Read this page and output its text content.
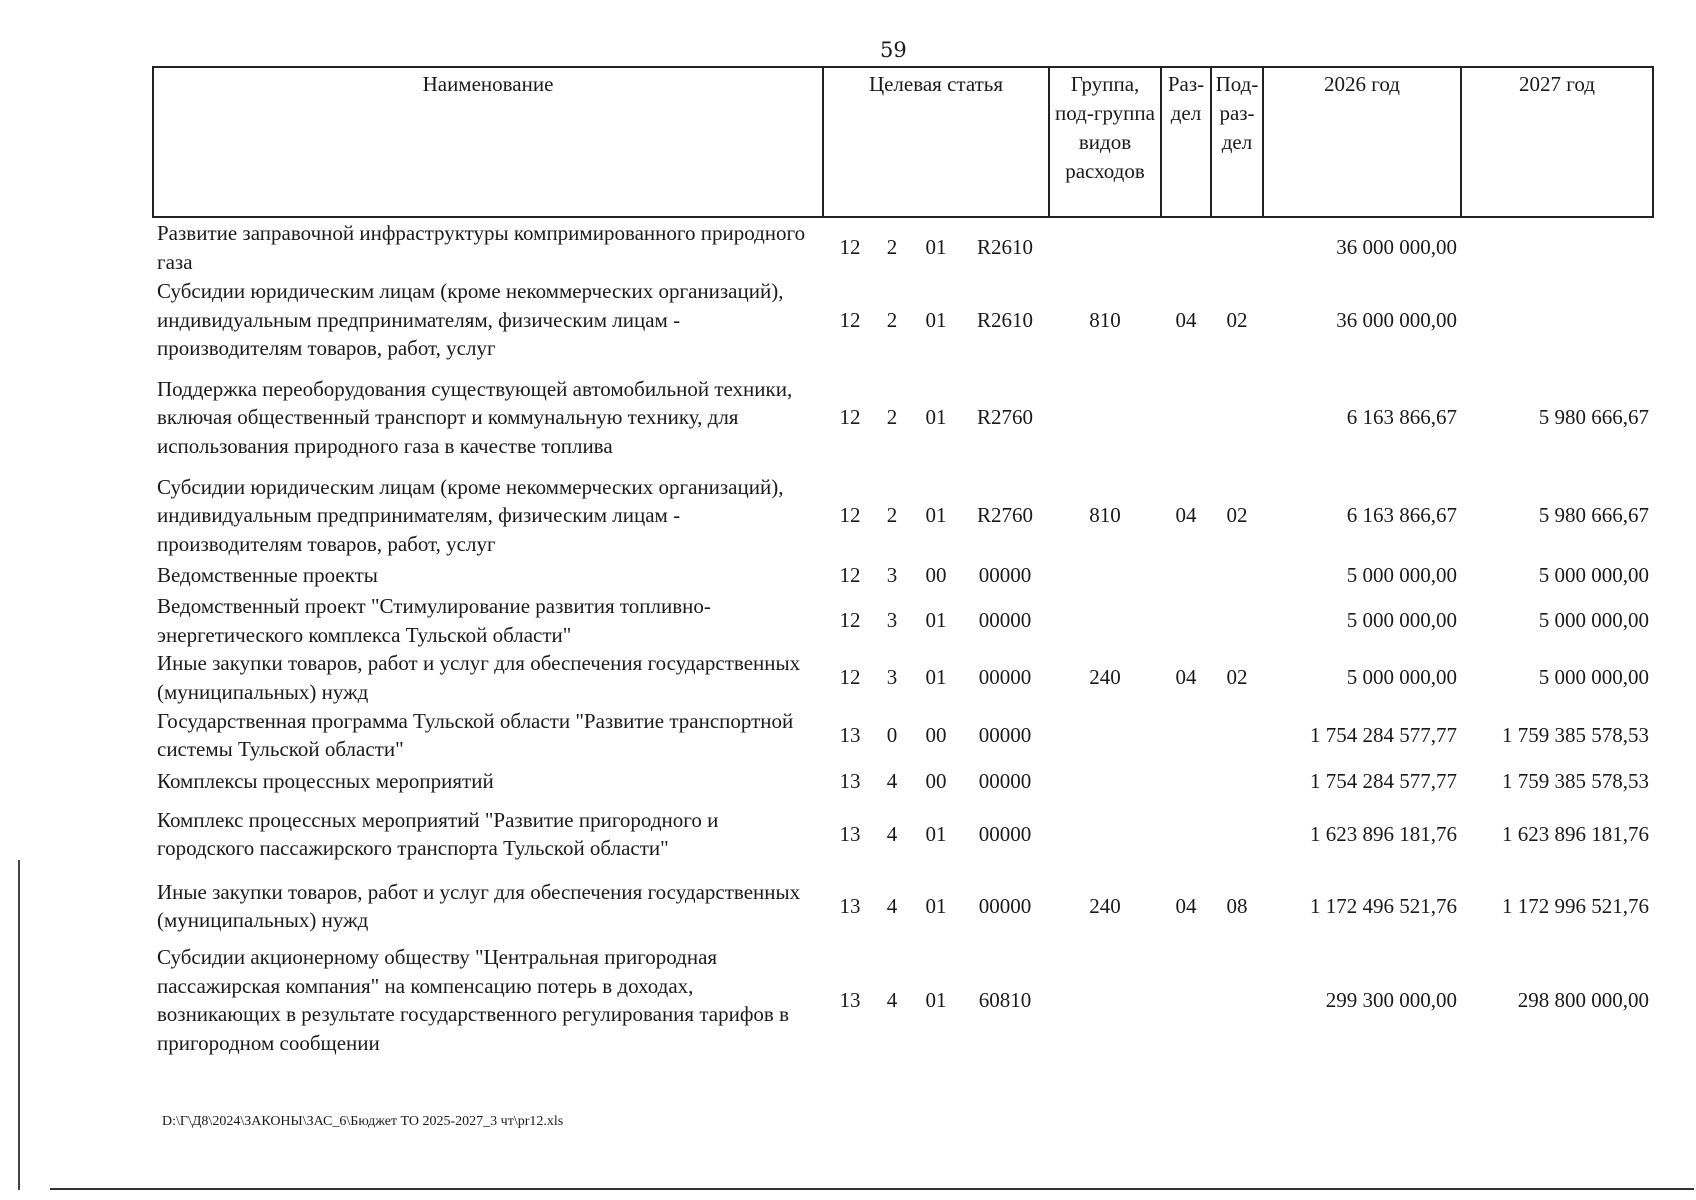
59
Наименование	Целевая статья	Группа, под-группа видов расходов	Раз-дел	Под-раз-дел	2026 год	2027 год
Развитие заправочной инфраструктуры компримированного природного газа	12 2 01 R2610				36 000 000,00	
Субсидии юридическим лицам (кроме некоммерческих организаций), индивидуальным предпринимателям, физическим лицам - производителям товаров, работ, услуг	12 2 01 R2610	810	04	02	36 000 000,00	
Поддержка переоборудования существующей автомобильной техники, включая общественный транспорт и коммунальную технику, для использования природного газа в качестве топлива	12 2 01 R2760				6 163 866,67	5 980 666,67
Субсидии юридическим лицам (кроме некоммерческих организаций), индивидуальным предпринимателям, физическим лицам - производителям товаров, работ, услуг	12 2 01 R2760	810	04	02	6 163 866,67	5 980 666,67
Ведомственные проекты	12 3 00 00000				5 000 000,00	5 000 000,00
Ведомственный проект "Стимулирование развития топливно-энергетического комплекса Тульской области"	12 3 01 00000				5 000 000,00	5 000 000,00
Иные закупки товаров, работ и услуг для обеспечения государственных (муниципальных) нужд	12 3 01 00000	240	04	02	5 000 000,00	5 000 000,00
Государственная программа Тульской области "Развитие транспортной системы Тульской области"	13 0 00 00000				1 754 284 577,77	1 759 385 578,53
Комплексы процессных мероприятий	13 4 00 00000				1 754 284 577,77	1 759 385 578,53
Комплекс процессных мероприятий "Развитие пригородного и городского пассажирского транспорта Тульской области"	13 4 01 00000				1 623 896 181,76	1 623 896 181,76
Иные закупки товаров, работ и услуг для обеспечения государственных (муниципальных) нужд	13 4 01 00000	240	04	08	1 172 496 521,76	1 172 996 521,76
Субсидии акционерному обществу "Центральная пригородная пассажирская компания" на компенсацию потерь в доходах, возникающих в результате государственного регулирования тарифов в пригородном сообщении	13 4 01 60810				299 300 000,00	298 800 000,00
D:\Г\Д8\2024\ЗАКОНЫ\ЗАС_6\Бюджет ТО 2025-2027_3 чт\pr12.xls
